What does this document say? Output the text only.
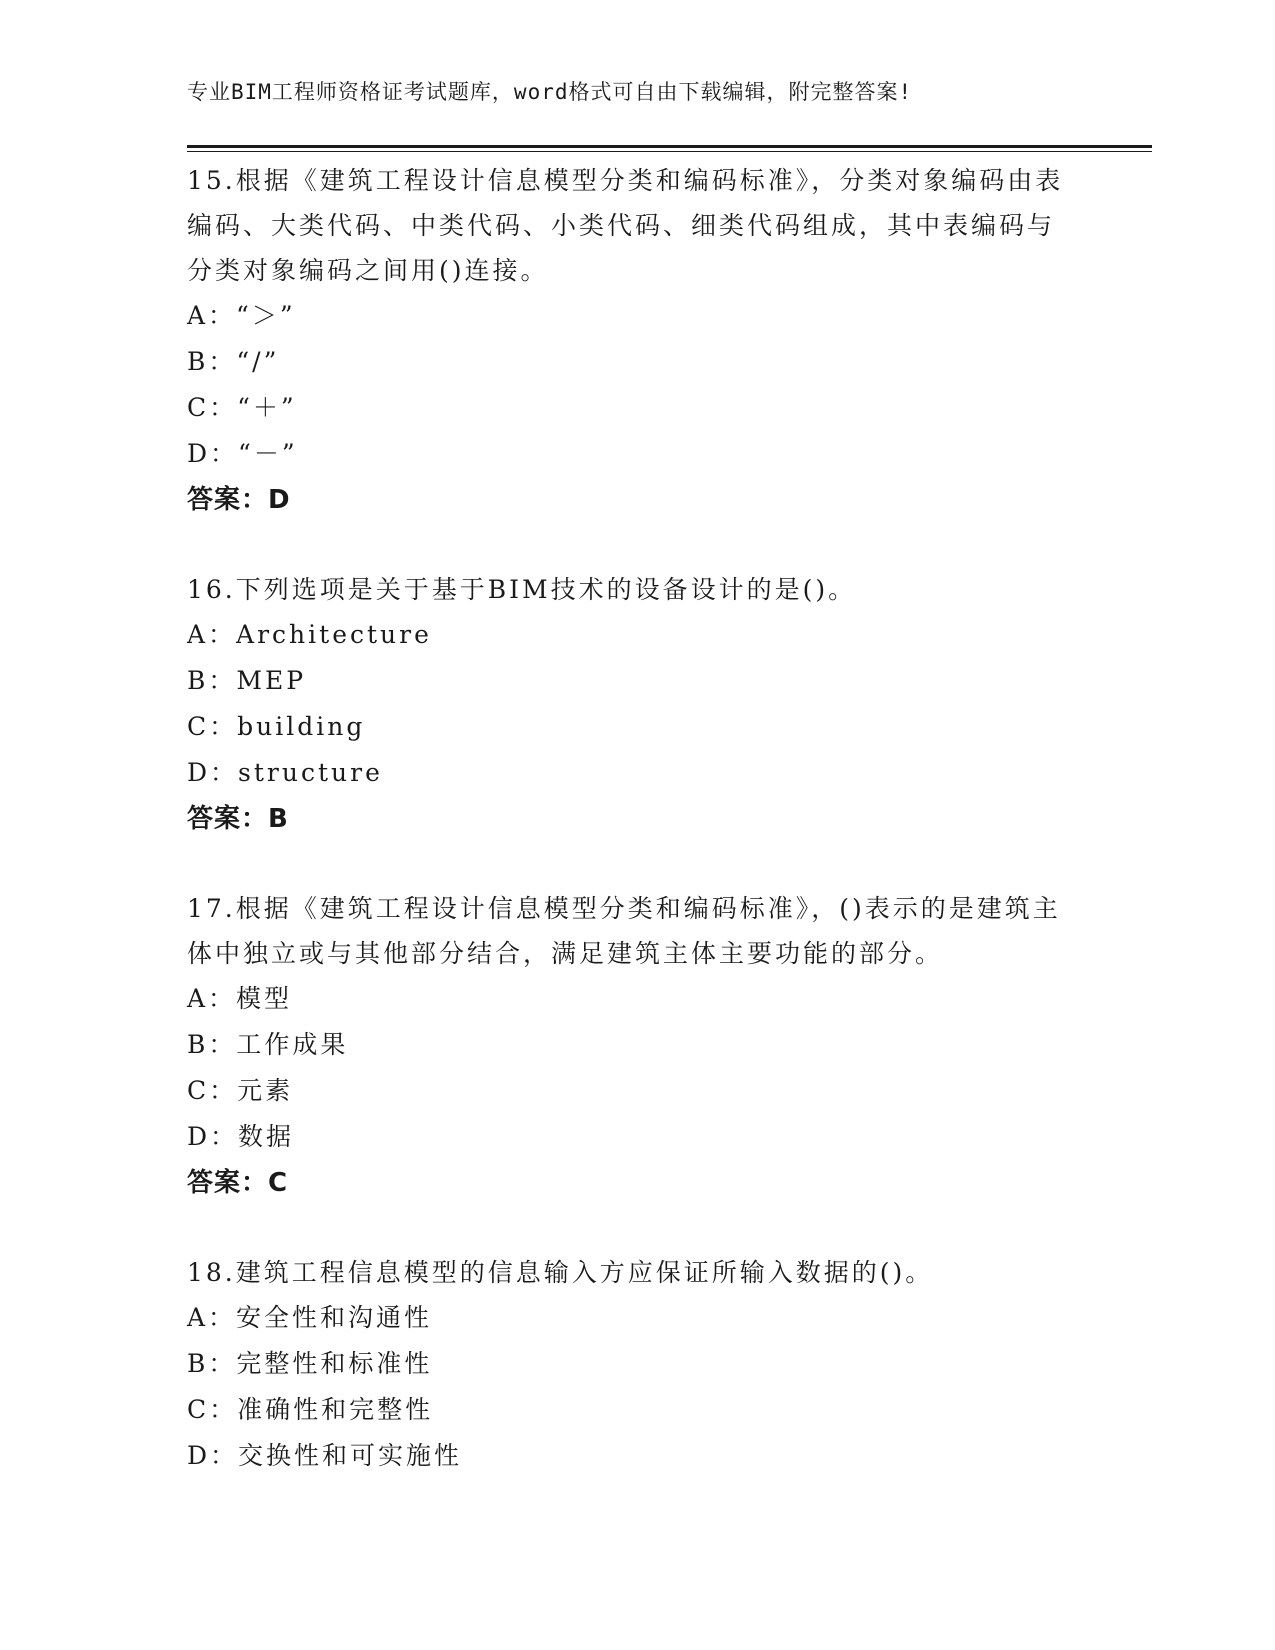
专业BIM工程师资格证考试题库，word格式可自由下载编辑，附完整答案!

15.根据《建筑工程设计信息模型分类和编码标准》，分类对象编码由表编码、大类代码、中类代码、小类代码、细类代码组成，其中表编码与分类对象编码之间用()连接。

A：“＞”

B：“/”

C：“＋”

D：“－”

答案：D

16.下列选项是关于基于BIM技术的设备设计的是()。

A：Architecture

B：MEP

C：building

D：structure

答案：B

17.根据《建筑工程设计信息模型分类和编码标准》，()表示的是建筑主体中独立或与其他部分结合，满足建筑主体主要功能的部分。

A：模型

B：工作成果

C：元素

D：数据

答案：C

18.建筑工程信息模型的信息输入方应保证所输入数据的()。

A：安全性和沟通性

B：完整性和标准性

C：准确性和完整性

D：交换性和可实施性
